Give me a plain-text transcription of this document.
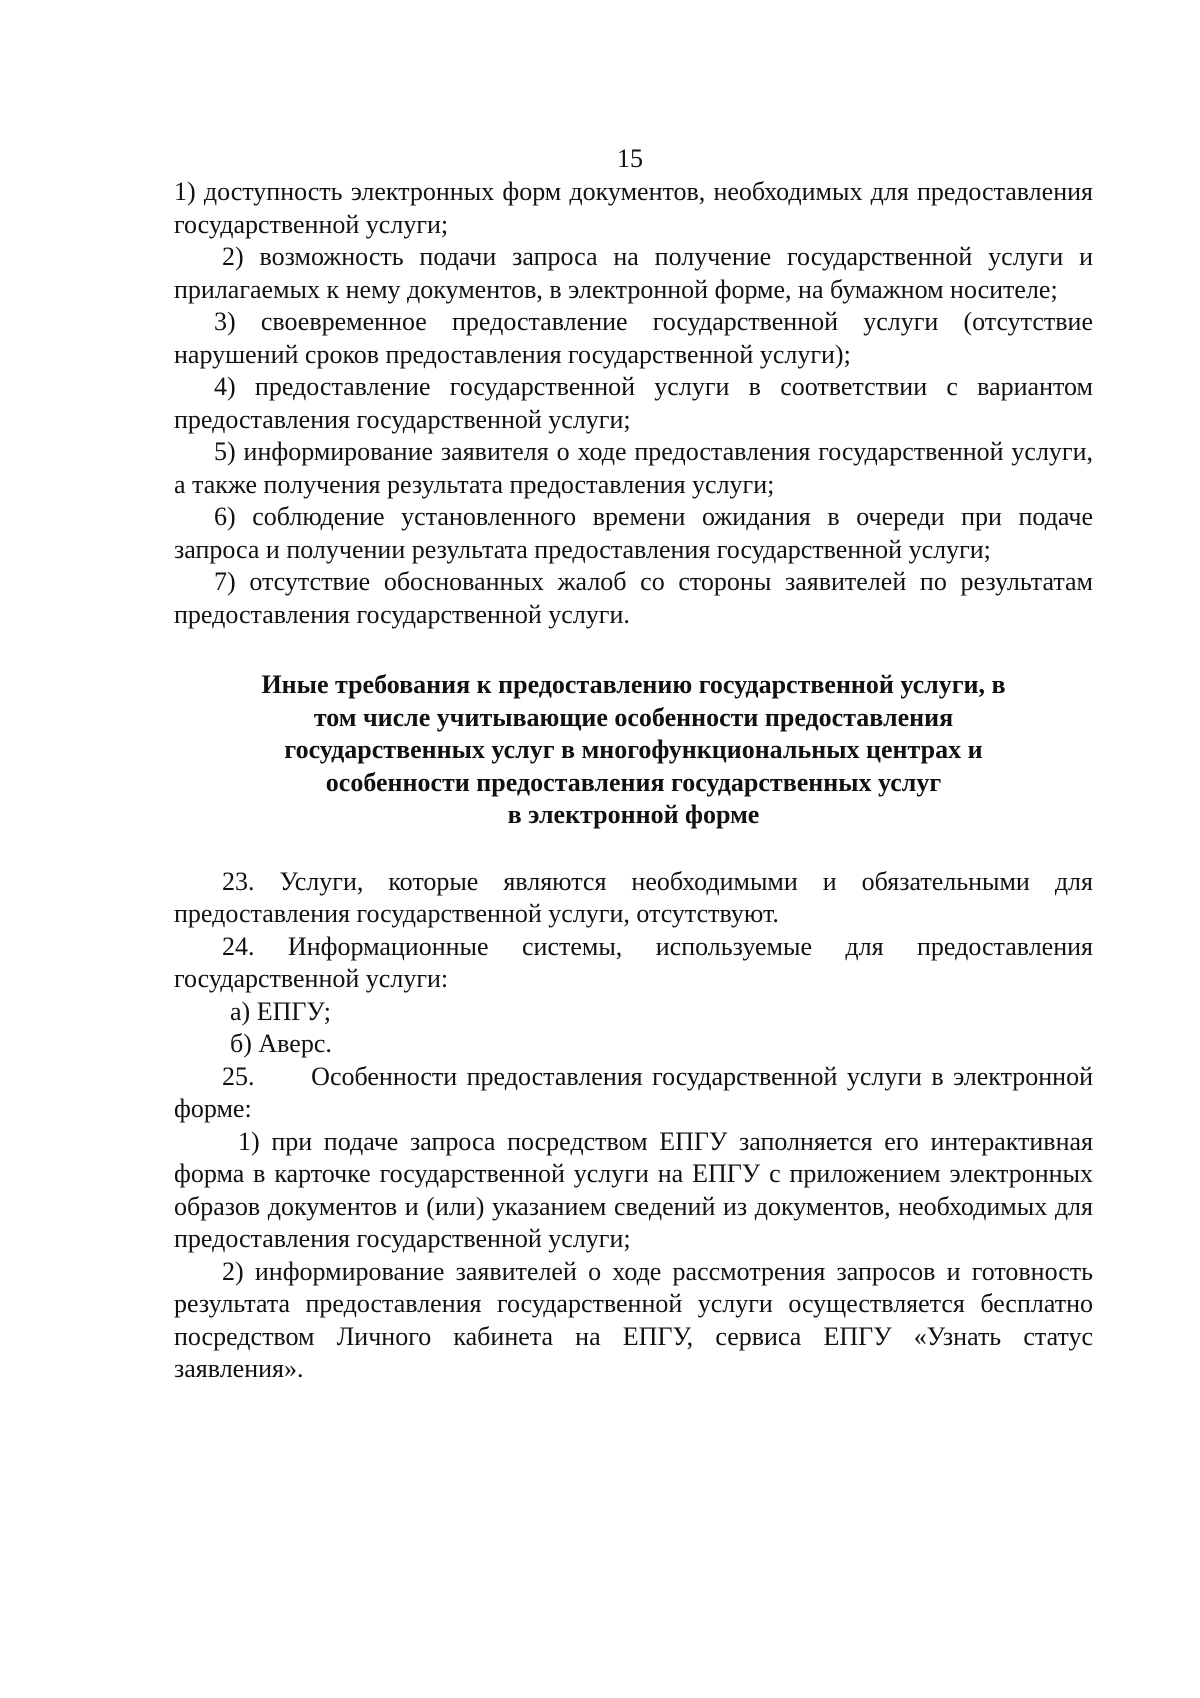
15

1) доступность электронных форм документов, необходимых для предоставления государственной услуги;

2) возможность подачи запроса на получение государственной услуги и прилагаемых к нему документов, в электронной форме, на бумажном носителе;

3) своевременное предоставление государственной услуги (отсутствие нарушений сроков предоставления государственной услуги);

4) предоставление государственной услуги в соответствии с вариантом предоставления государственной услуги;

5) информирование заявителя о ходе предоставления государственной услуги, а также получения результата предоставления услуги;

6) соблюдение установленного времени ожидания в очереди при подаче запроса и получении результата предоставления государственной услуги;

7) отсутствие обоснованных жалоб со стороны заявителей по результатам предоставления государственной услуги.

Иные требования к предоставлению государственной услуги, в
том числе учитывающие особенности предоставления
государственных услуг в многофункциональных центрах и
особенности предоставления государственных услуг
в электронной форме

23. Услуги, которые являются необходимыми и обязательными для предоставления государственной услуги, отсутствуют.

24. Информационные системы, используемые для предоставления государственной услуги:

а) ЕПГУ;

б) Аверс.

25.      Особенности предоставления государственной услуги в электронной форме:

1) при подаче запроса посредством ЕПГУ заполняется его интерактивная форма в карточке государственной услуги на ЕПГУ с приложением электронных образов документов и (или) указанием сведений из документов, необходимых для предоставления государственной услуги;

2) информирование заявителей о ходе рассмотрения запросов и готовность результата предоставления государственной услуги осуществляется бесплатно посредством Личного кабинета на ЕПГУ, сервиса ЕПГУ «Узнать статус заявления».
